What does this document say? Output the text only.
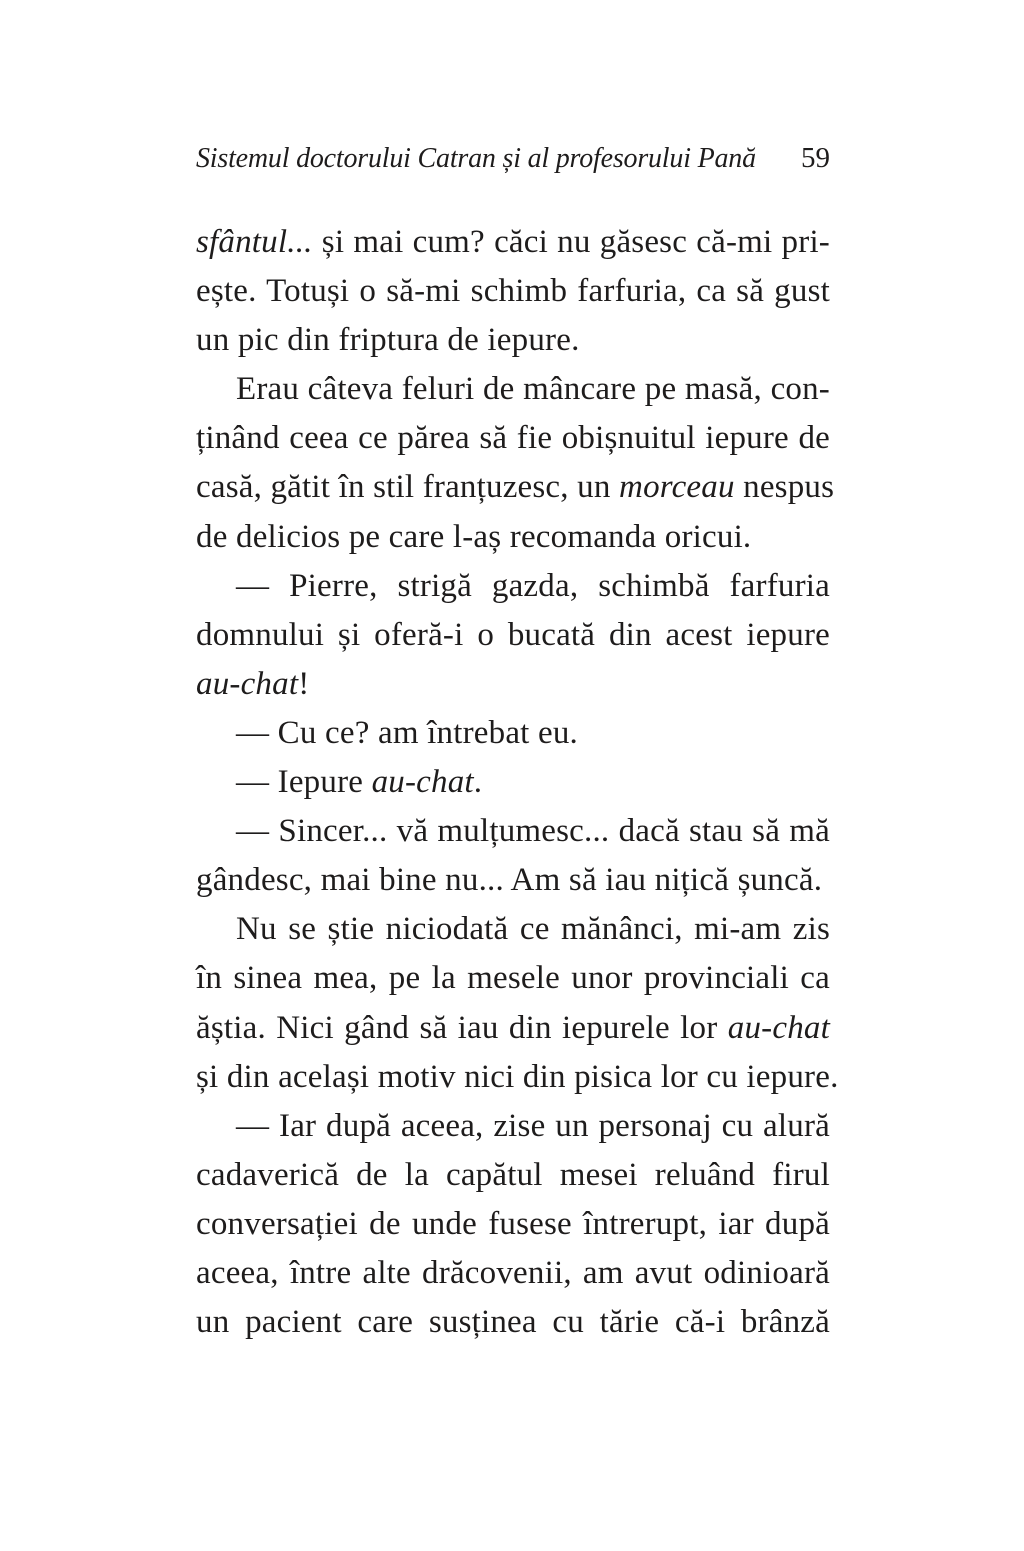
Sistemul doctorului Catran și al profesorului Pană 59
sfântul... și mai cum? căci nu găsesc că-mi pri-
ește. Totuși o să-mi schimb farfuria, ca să gust
un pic din friptura de iepure.
Erau câteva feluri de mâncare pe masă, con-
ținând ceea ce părea să fie obișnuitul iepure de
casă, gătit în stil franțuzesc, un morceau nespus
de delicios pe care l-aș recomanda oricui.
— Pierre, strigă gazda, schimbă farfuria
domnului și oferă-i o bucată din acest iepure
au-chat!
— Cu ce? am întrebat eu.
— Iepure au-chat.
— Sincer... vă mulțumesc... dacă stau să mă
gândesc, mai bine nu... Am să iau nițică șuncă.
Nu se știe niciodată ce mănânci, mi-am zis
în sinea mea, pe la mesele unor provinciali ca
ăștia. Nici gând să iau din iepurele lor au-chat
și din același motiv nici din pisica lor cu iepure.
— Iar după aceea, zise un personaj cu alură
cadaverică de la capătul mesei reluând firul
conversației de unde fusese întrerupt, iar după
aceea, între alte drăcovenii, am avut odinioară
un pacient care susținea cu tărie că-i brânză
